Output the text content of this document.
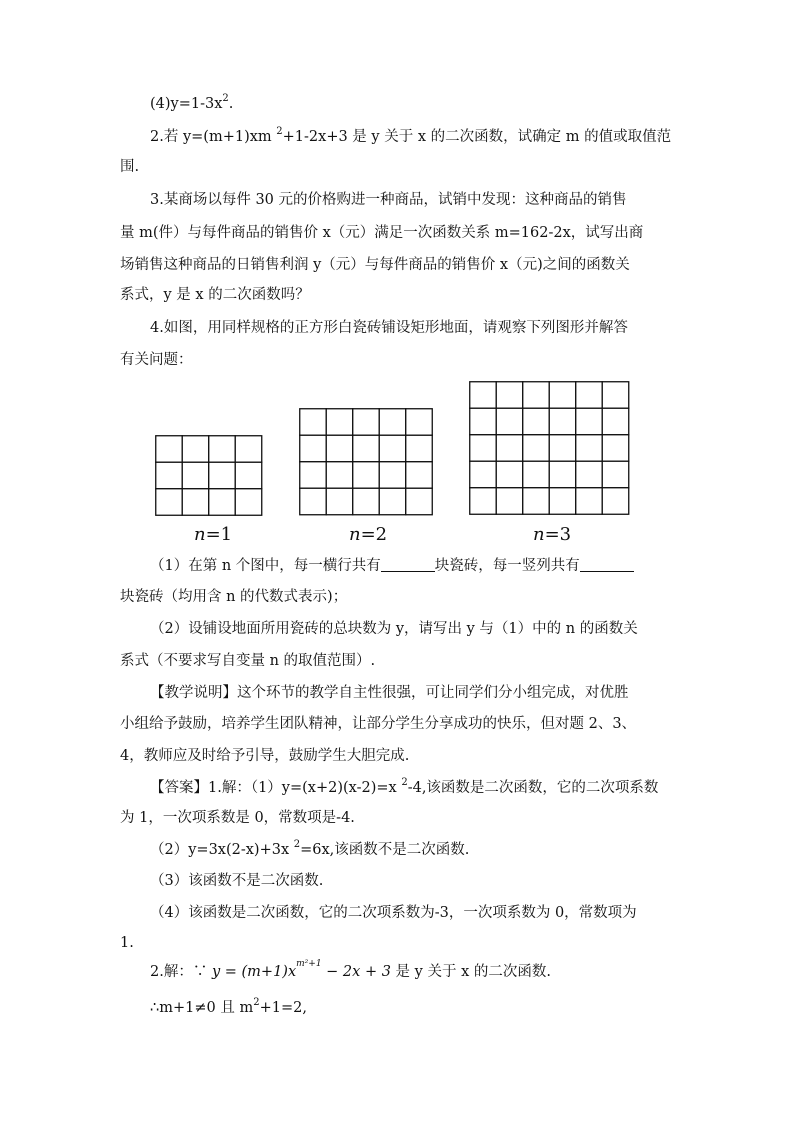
$(4)y=1-3x^2$.
2.若 y=(m+1)xm $^2$+1-2x+3 是 y 关于 x 的二次函数，试确定 m 的值或取值范
围.
3.某商场以每件 30 元的价格购进一种商品，试销中发现：这种商品的销售
量 m(件）与每件商品的销售价 x（元）满足一次函数关系 m=162-2x，试写出商
场销售这种商品的日销售利润 y（元）与每件商品的销售价 x（元)之间的函数关
系式，y 是 x 的二次函数吗？
4.如图，用同样规格的正方形白瓷砖铺设矩形地面，请观察下列图形并解答
有关问题：
n=1	n=2	n=3
（1）在第 n 个图中，每一横行共有	块瓷砖，每一竖列共有
块瓷砖（均用含 n 的代数式表示)；
（2）设铺设地面所用瓷砖的总块数为 y，请写出 y 与（1）中的 n 的函数关
系式（不要求写自变量 n 的取值范围）.
【教学说明】这个环节的教学自主性很强，可让同学们分小组完成，对优胜
小组给予鼓励，培养学生团队精神，让部分学生分享成功的快乐，但对题 2、3、
4，教师应及时给予引导，鼓励学生大胆完成.
【答案】1.解：（1）y=(x+2)(x-2)=x $^2$-4,该函数是二次函数，它的二次项系数
为 1，一次项系数是 0，常数项是-4.
（2）y=3x(2-x)+3x $^2$=6x,该函数不是二次函数.
（3）该函数不是二次函数.
（4）该函数是二次函数，它的二次项系数为-3，一次项系数为 0，常数项为
1.
2.解：∵ $y = (m+1)x^{m^2+1} - 2x + 3$ 是 y 关于 x 的二次函数.
∴m+1≠0 且 $m^2+1=2$,
